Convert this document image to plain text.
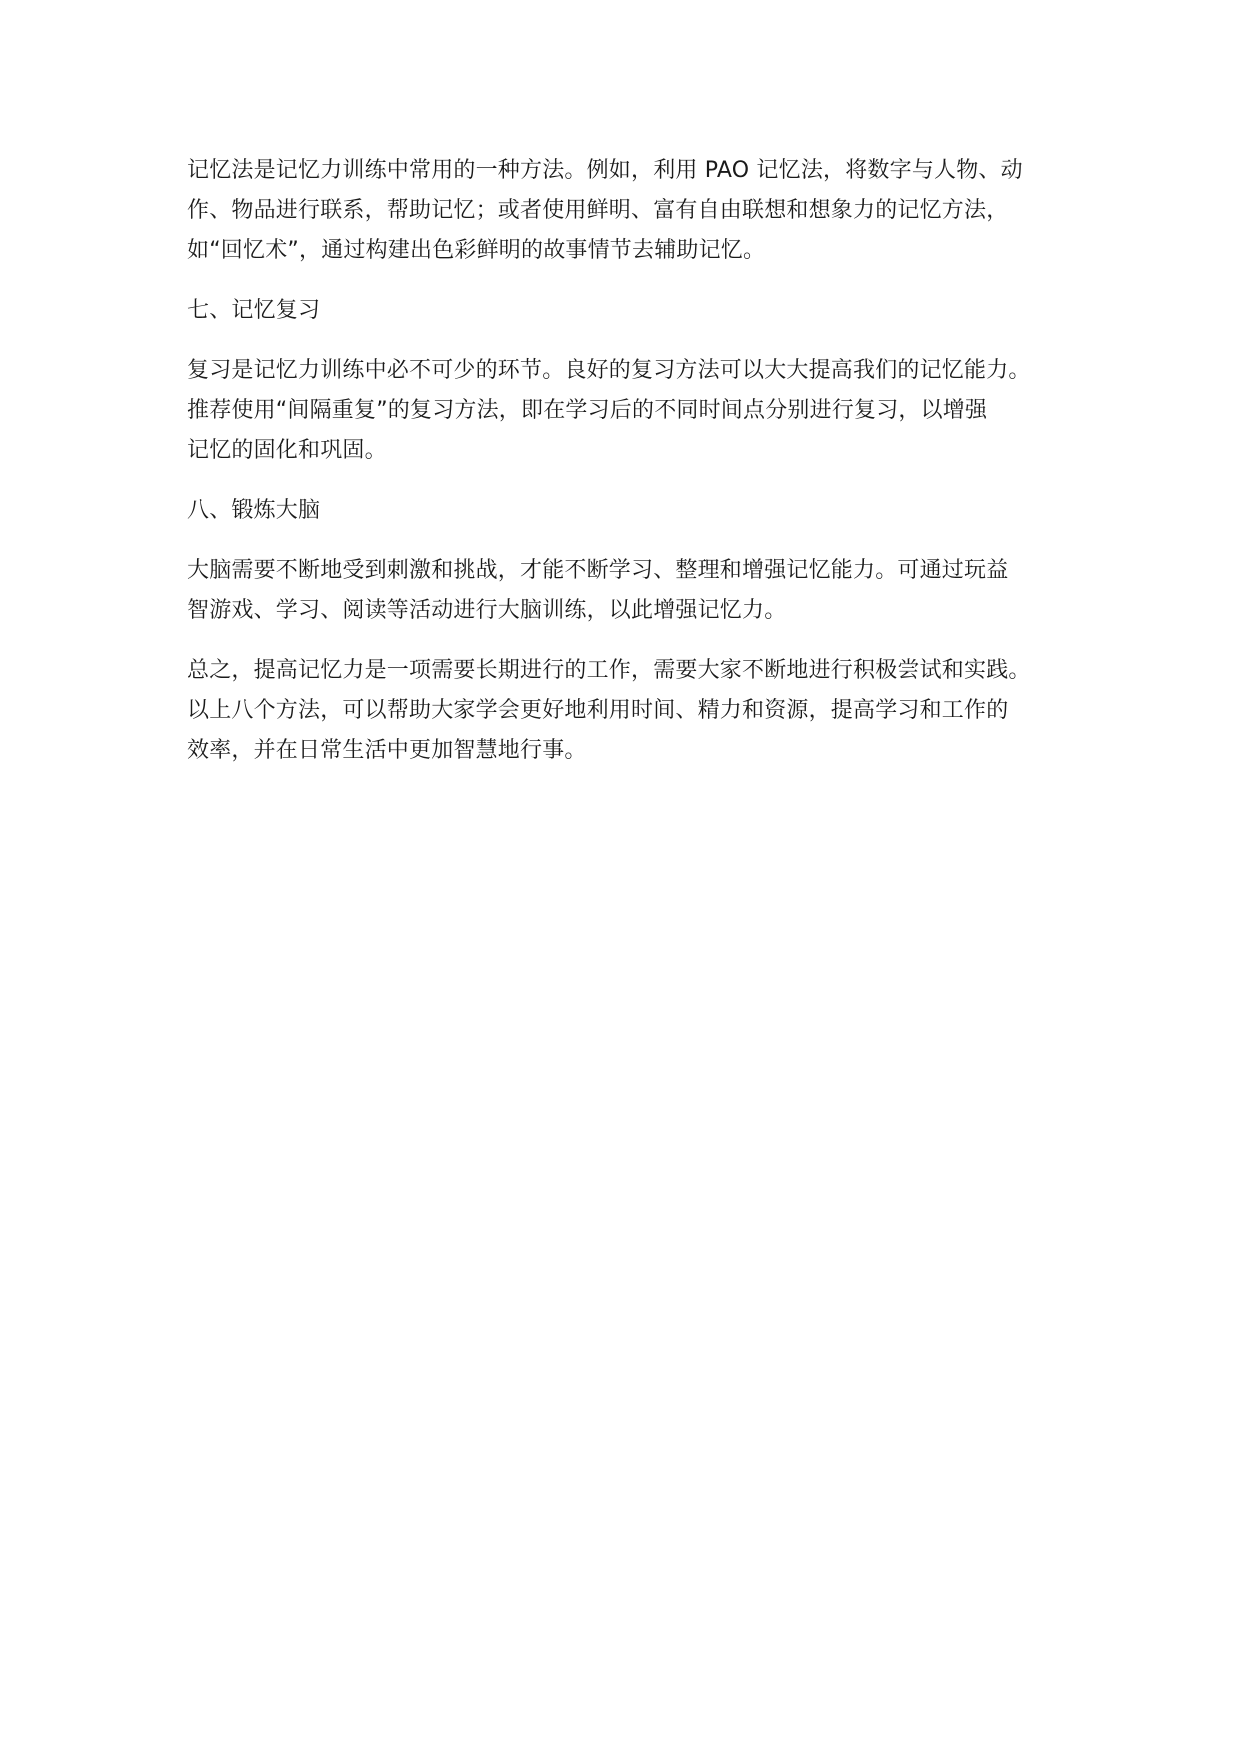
记忆法是记忆力训练中常用的一种方法。例如，利用 PAO 记忆法，将数字与人物、动
作、物品进行联系，帮助记忆；或者使用鲜明、富有自由联想和想象力的记忆方法，
如“回忆术”，通过构建出色彩鲜明的故事情节去辅助记忆。
七、记忆复习
复习是记忆力训练中必不可少的环节。良好的复习方法可以大大提高我们的记忆能力。
推荐使用“间隔重复”的复习方法，即在学习后的不同时间点分别进行复习，以增强
记忆的固化和巩固。
八、锻炼大脑
大脑需要不断地受到刺激和挑战，才能不断学习、整理和增强记忆能力。可通过玩益
智游戏、学习、阅读等活动进行大脑训练，以此增强记忆力。
总之，提高记忆力是一项需要长期进行的工作，需要大家不断地进行积极尝试和实践。
以上八个方法，可以帮助大家学会更好地利用时间、精力和资源，提高学习和工作的
效率，并在日常生活中更加智慧地行事。
